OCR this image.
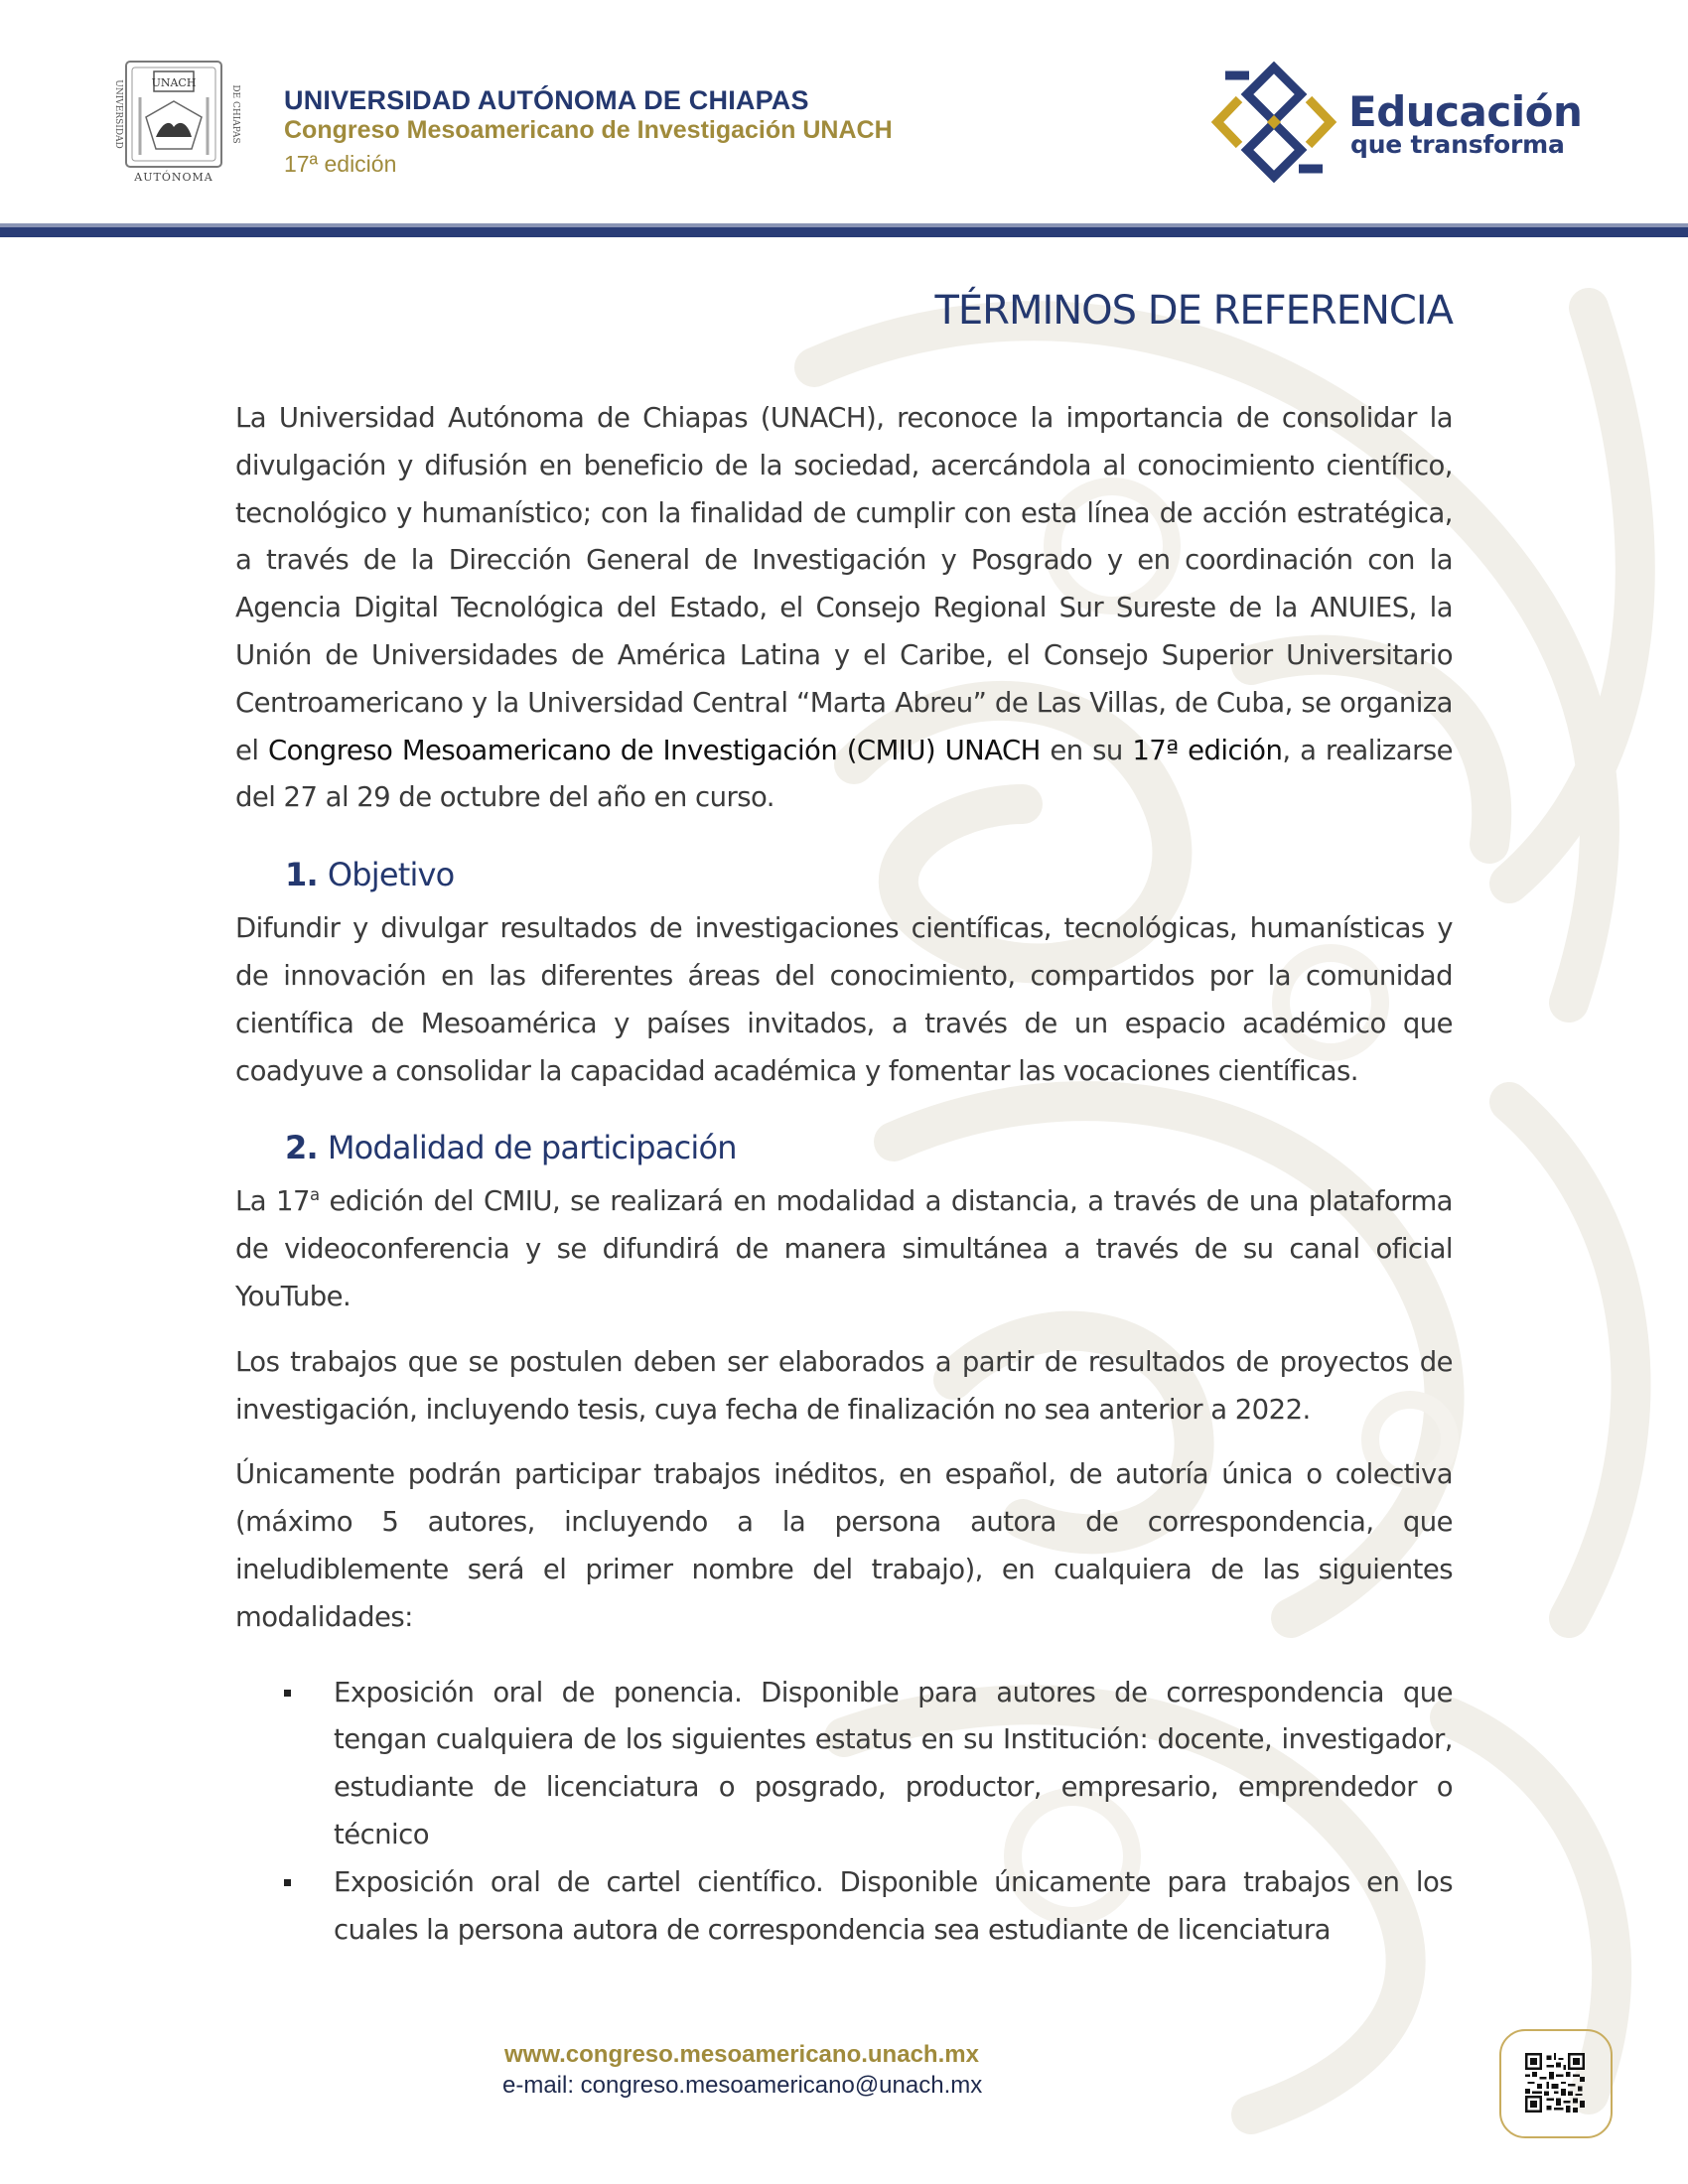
UNACH
UNIVERSIDAD	DE CHIAPAS
AUTÓNOMA
UNIVERSIDAD AUTÓNOMA DE CHIAPAS
Congreso Mesoamericano de Investigación UNACH
17ª edición
Educación
que transforma
TÉRMINOS DE REFERENCIA

La Universidad Autónoma de Chiapas (UNACH), reconoce la importancia de consolidar la divulgación y difusión en beneficio de la sociedad, acercándola al conocimiento científico, tecnológico y humanístico; con la finalidad de cumplir con esta línea de acción estratégica, a través de la Dirección General de Investigación y Posgrado y en coordinación con la Agencia Digital Tecnológica del Estado, el Consejo Regional Sur Sureste de la ANUIES, la Unión de Universidades de América Latina y el Caribe, el Consejo Superior Universitario Centroamericano y la Universidad Central “Marta Abreu” de Las Villas, de Cuba, se organiza el Congreso Mesoamericano de Investigación (CMIU) UNACH en su 17ª edición, a realizarse del 27 al 29 de octubre del año en curso.

1. Objetivo

Difundir y divulgar resultados de investigaciones científicas, tecnológicas, humanísticas y de innovación en las diferentes áreas del conocimiento, compartidos por la comunidad científica de Mesoamérica y países invitados, a través de un espacio académico que coadyuve a consolidar la capacidad académica y fomentar las vocaciones científicas.

2. Modalidad de participación

La 17$^a$ edición del CMIU, se realizará en modalidad a distancia, a través de una plataforma de videoconferencia y se difundirá de manera simultánea a través de su canal oficial YouTube.

Los trabajos que se postulen deben ser elaborados a partir de resultados de proyectos de investigación, incluyendo tesis, cuya fecha de finalización no sea anterior a 2022.

Únicamente podrán participar trabajos inéditos, en español, de autoría única o colectiva (máximo 5 autores, incluyendo a la persona autora de correspondencia, que ineludiblemente será el primer nombre del trabajo), en cualquiera de las siguientes modalidades:

Exposición oral de ponencia. Disponible para autores de correspondencia que tengan cualquiera de los siguientes estatus en su Institución: docente, investigador, estudiante de licenciatura o posgrado, productor, empresario, emprendedor o técnico
Exposición oral de cartel científico. Disponible únicamente para trabajos en los cuales la persona autora de correspondencia sea estudiante de licenciatura
www.congreso.mesoamericano.unach.mx
e-mail: congreso.mesoamericano@unach.mx
